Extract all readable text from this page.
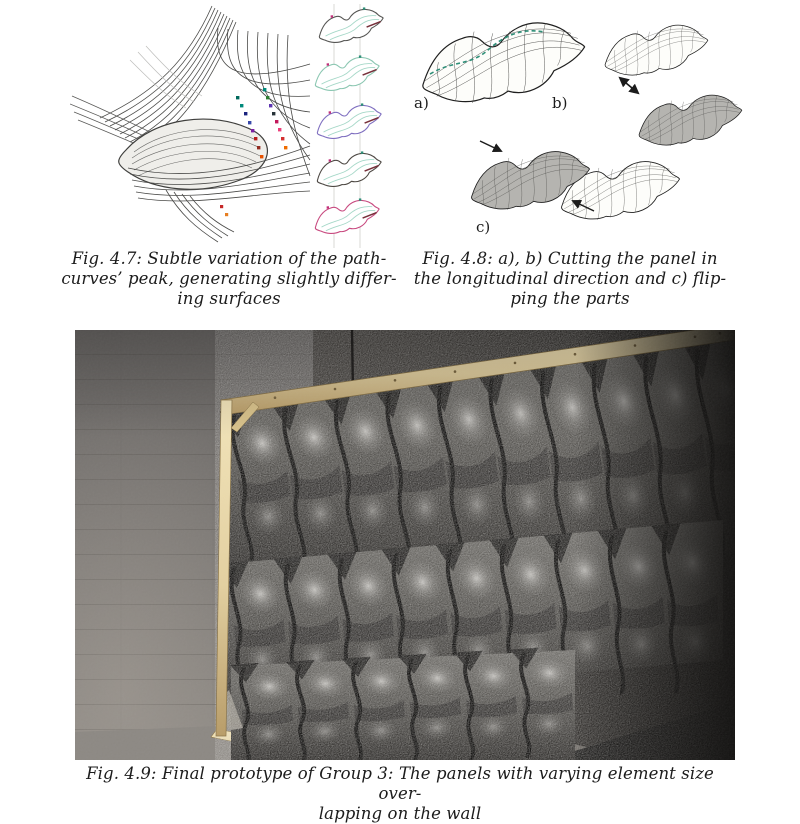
a)	b)
c)
Fig. 4.7: Subtle variation of the path-
curves’ peak, generating slightly differ-
ing surfaces
Fig. 4.8: a), b) Cutting the panel in
the longitudinal direction and c) flip-
ping the parts
Fig. 4.9: Final prototype of Group 3: The panels with varying element size over-
lapping on the wall
